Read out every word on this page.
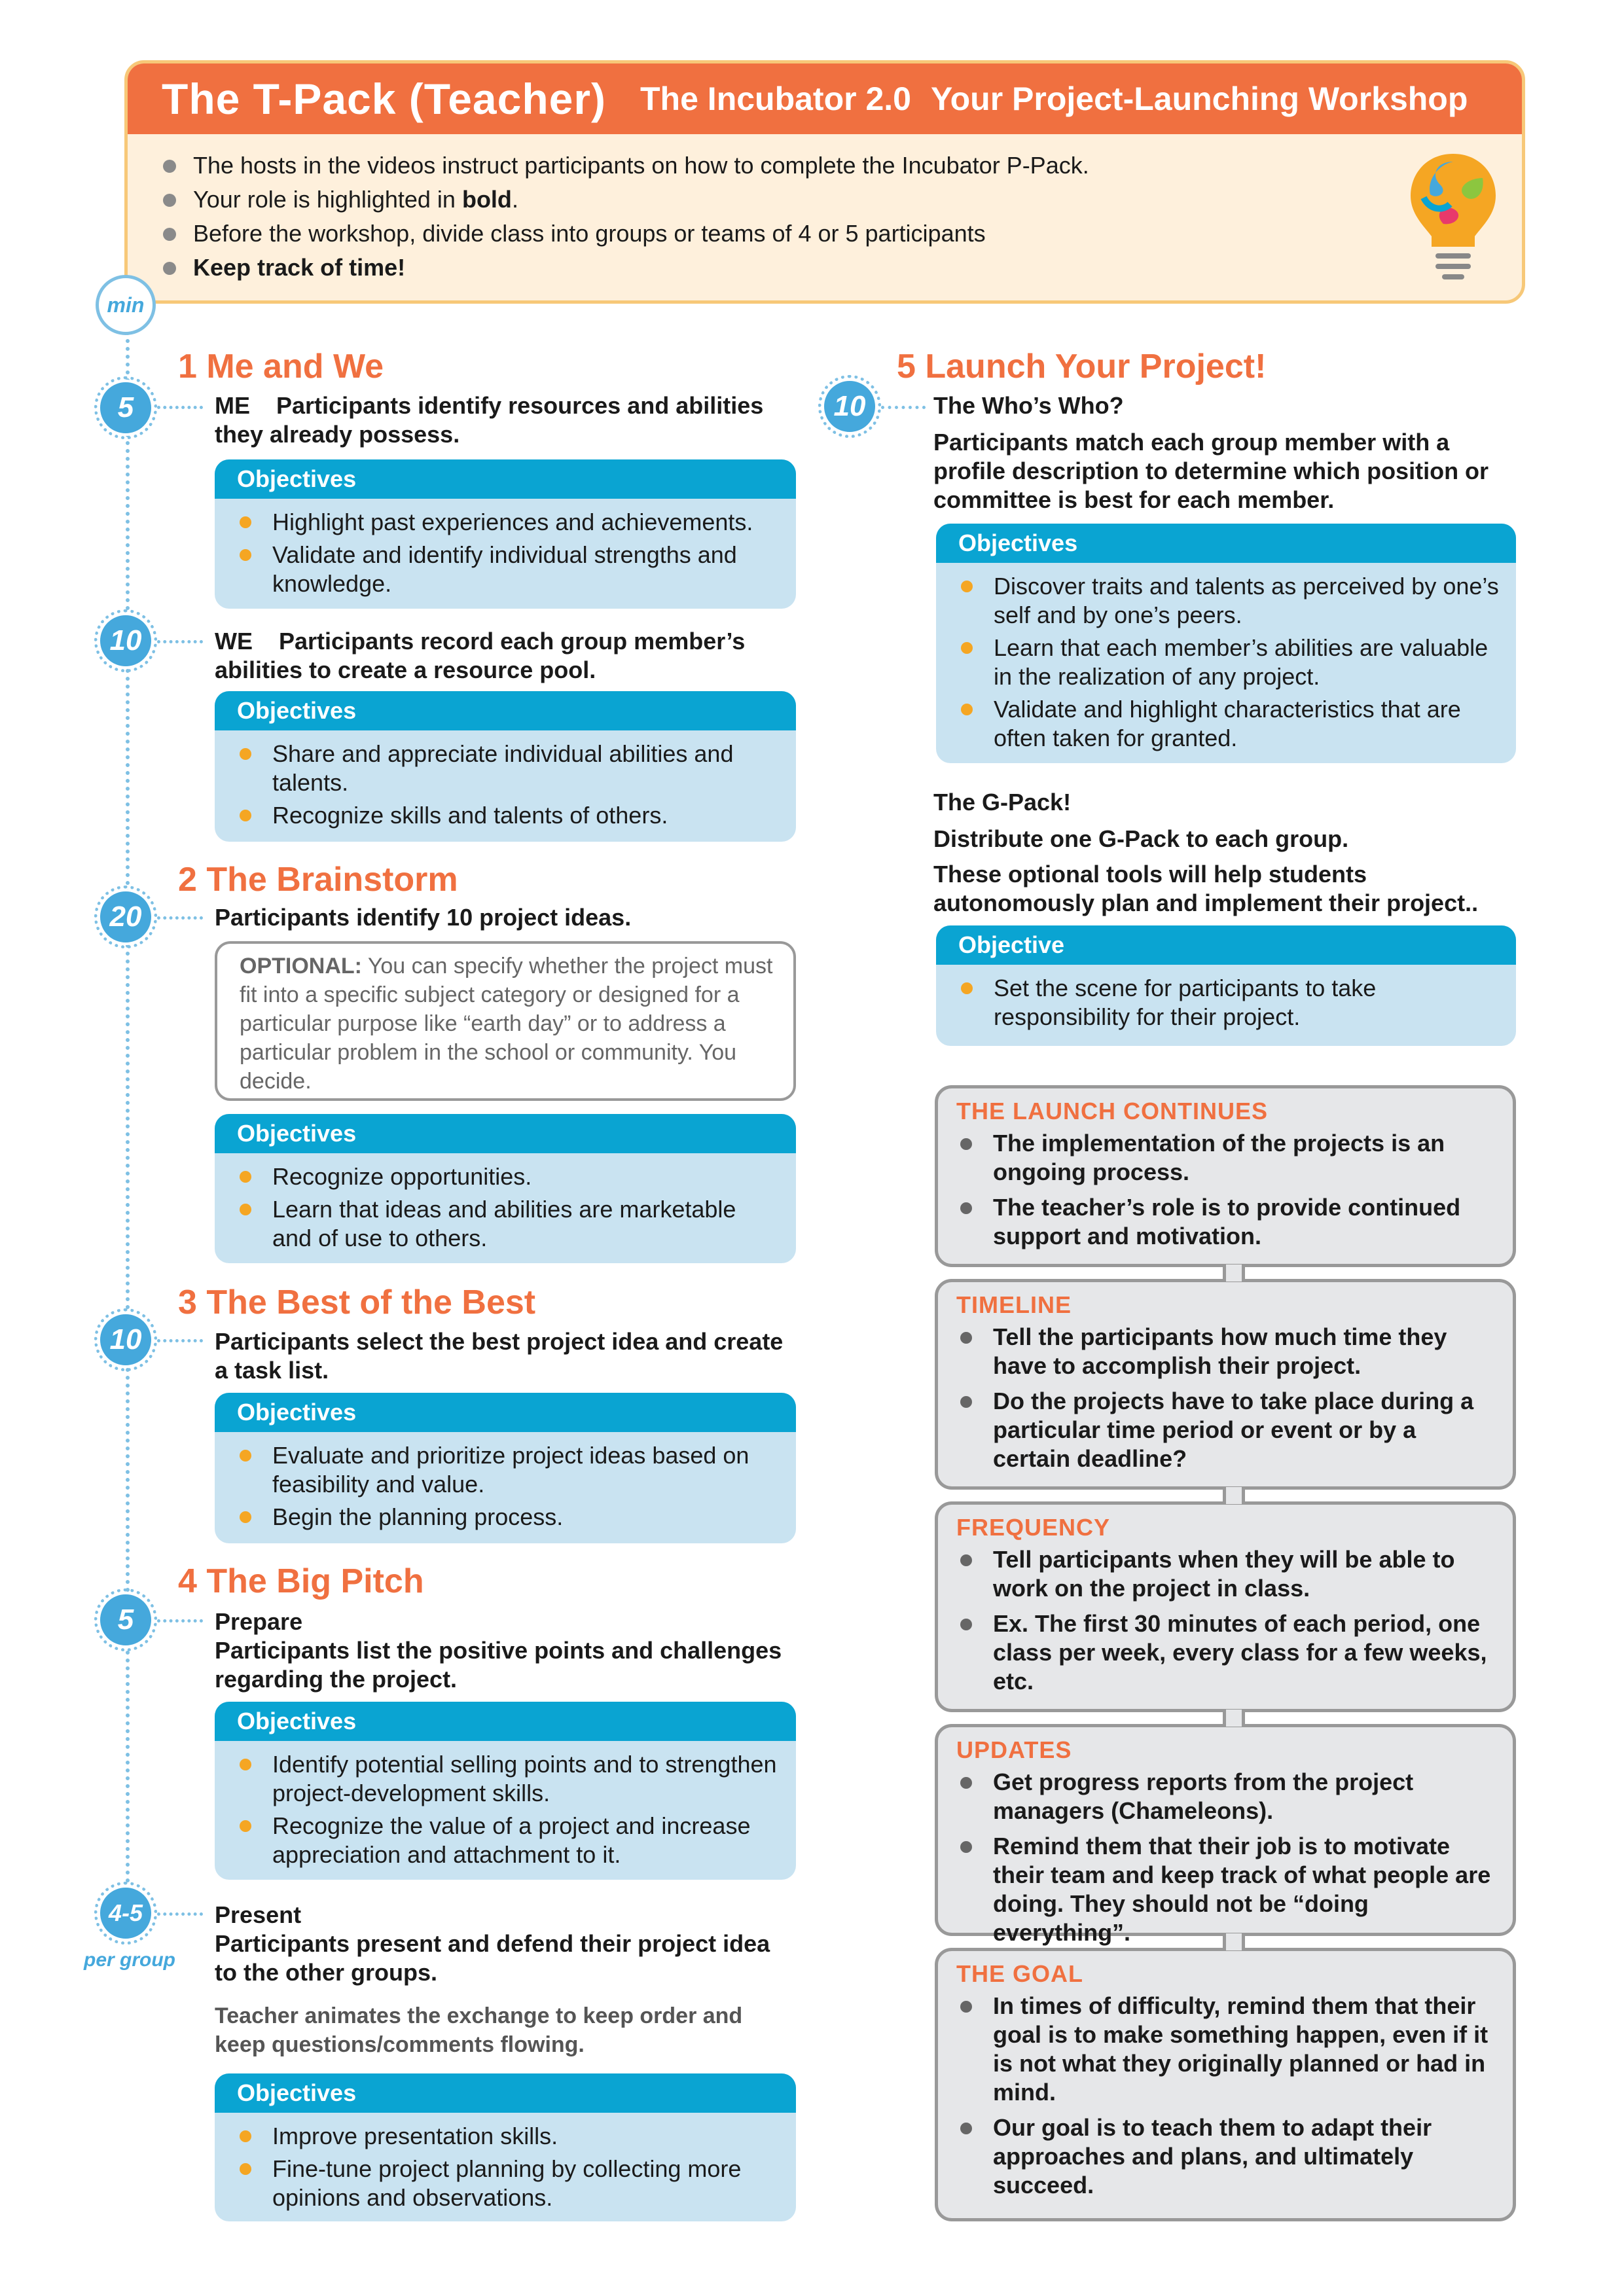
The T-Pack (Teacher) The Incubator 2.0 Your Project-Launching Workshop
The hosts in the videos instruct participants on how to complete the Incubator P-Pack.
Your role is highlighted in bold.
Before the workshop, divide class into groups or teams of 4 or 5 participants
Keep track of time!
min
1 Me and We
5	ME Participants identify resources and abilities they already possess.
Objectives
Highlight past experiences and achievements.
Validate and identify individual strengths and knowledge.
10	WE Participants record each group member’s abilities to create a resource pool.
Objectives
Share and appreciate individual abilities and talents.
Recognize skills and talents of others.
2 The Brainstorm
20	Participants identify 10 project ideas.
OPTIONAL: You can specify whether the project must fit into a specific subject category or designed for a particular purpose like “earth day” or to address a particular problem in the school or community. You decide.
Objectives
Recognize opportunities.
Learn that ideas and abilities are marketable and of use to others.
3 The Best of the Best
10	Participants select the best project idea and create a task list.
Objectives
Evaluate and prioritize project ideas based on feasibility and value.
Begin the planning process.
4 The Big Pitch
5	Prepare
Participants list the positive points and challenges regarding the project.
Objectives
Identify potential selling points and to strengthen project-development skills.
Recognize the value of a project and increase appreciation and attachment to it.
4-5
per group
Present
Participants present and defend their project idea to the other groups.
Teacher animates the exchange to keep order and keep questions/comments flowing.
Objectives
Improve presentation skills.
Fine-tune project planning by collecting more opinions and observations.
5 Launch Your Project!
10	The Who’s Who?
Participants match each group member with a profile description to determine which position or committee is best for each member.
Objectives
Discover traits and talents as perceived by one’s self and by one’s peers.
Learn that each member’s abilities are valuable in the realization of any project.
Validate and highlight characteristics that are often taken for granted.
The G-Pack!
Distribute one G-Pack to each group.
These optional tools will help students autonomously plan and implement their project..
Objective
Set the scene for participants to take responsibility for their project.
THE LAUNCH CONTINUES
The implementation of the projects is an ongoing process.
The teacher’s role is to provide continued support and motivation.
TIMELINE
Tell the participants how much time they have to accomplish their project.
Do the projects have to take place during a particular time period or event or by a certain deadline?
FREQUENCY
Tell participants when they will be able to work on the project in class.
Ex. The first 30 minutes of each period, one class per week, every class for a few weeks, etc.
UPDATES
Get progress reports from the project managers (Chameleons).
Remind them that their job is to motivate their team and keep track of what people are doing. They should not be “doing everything”.
THE GOAL
In times of difficulty, remind them that their goal is to make something happen, even if it is not what they originally planned or had in mind.
Our goal is to teach them to adapt their approaches and plans, and ultimately succeed.
